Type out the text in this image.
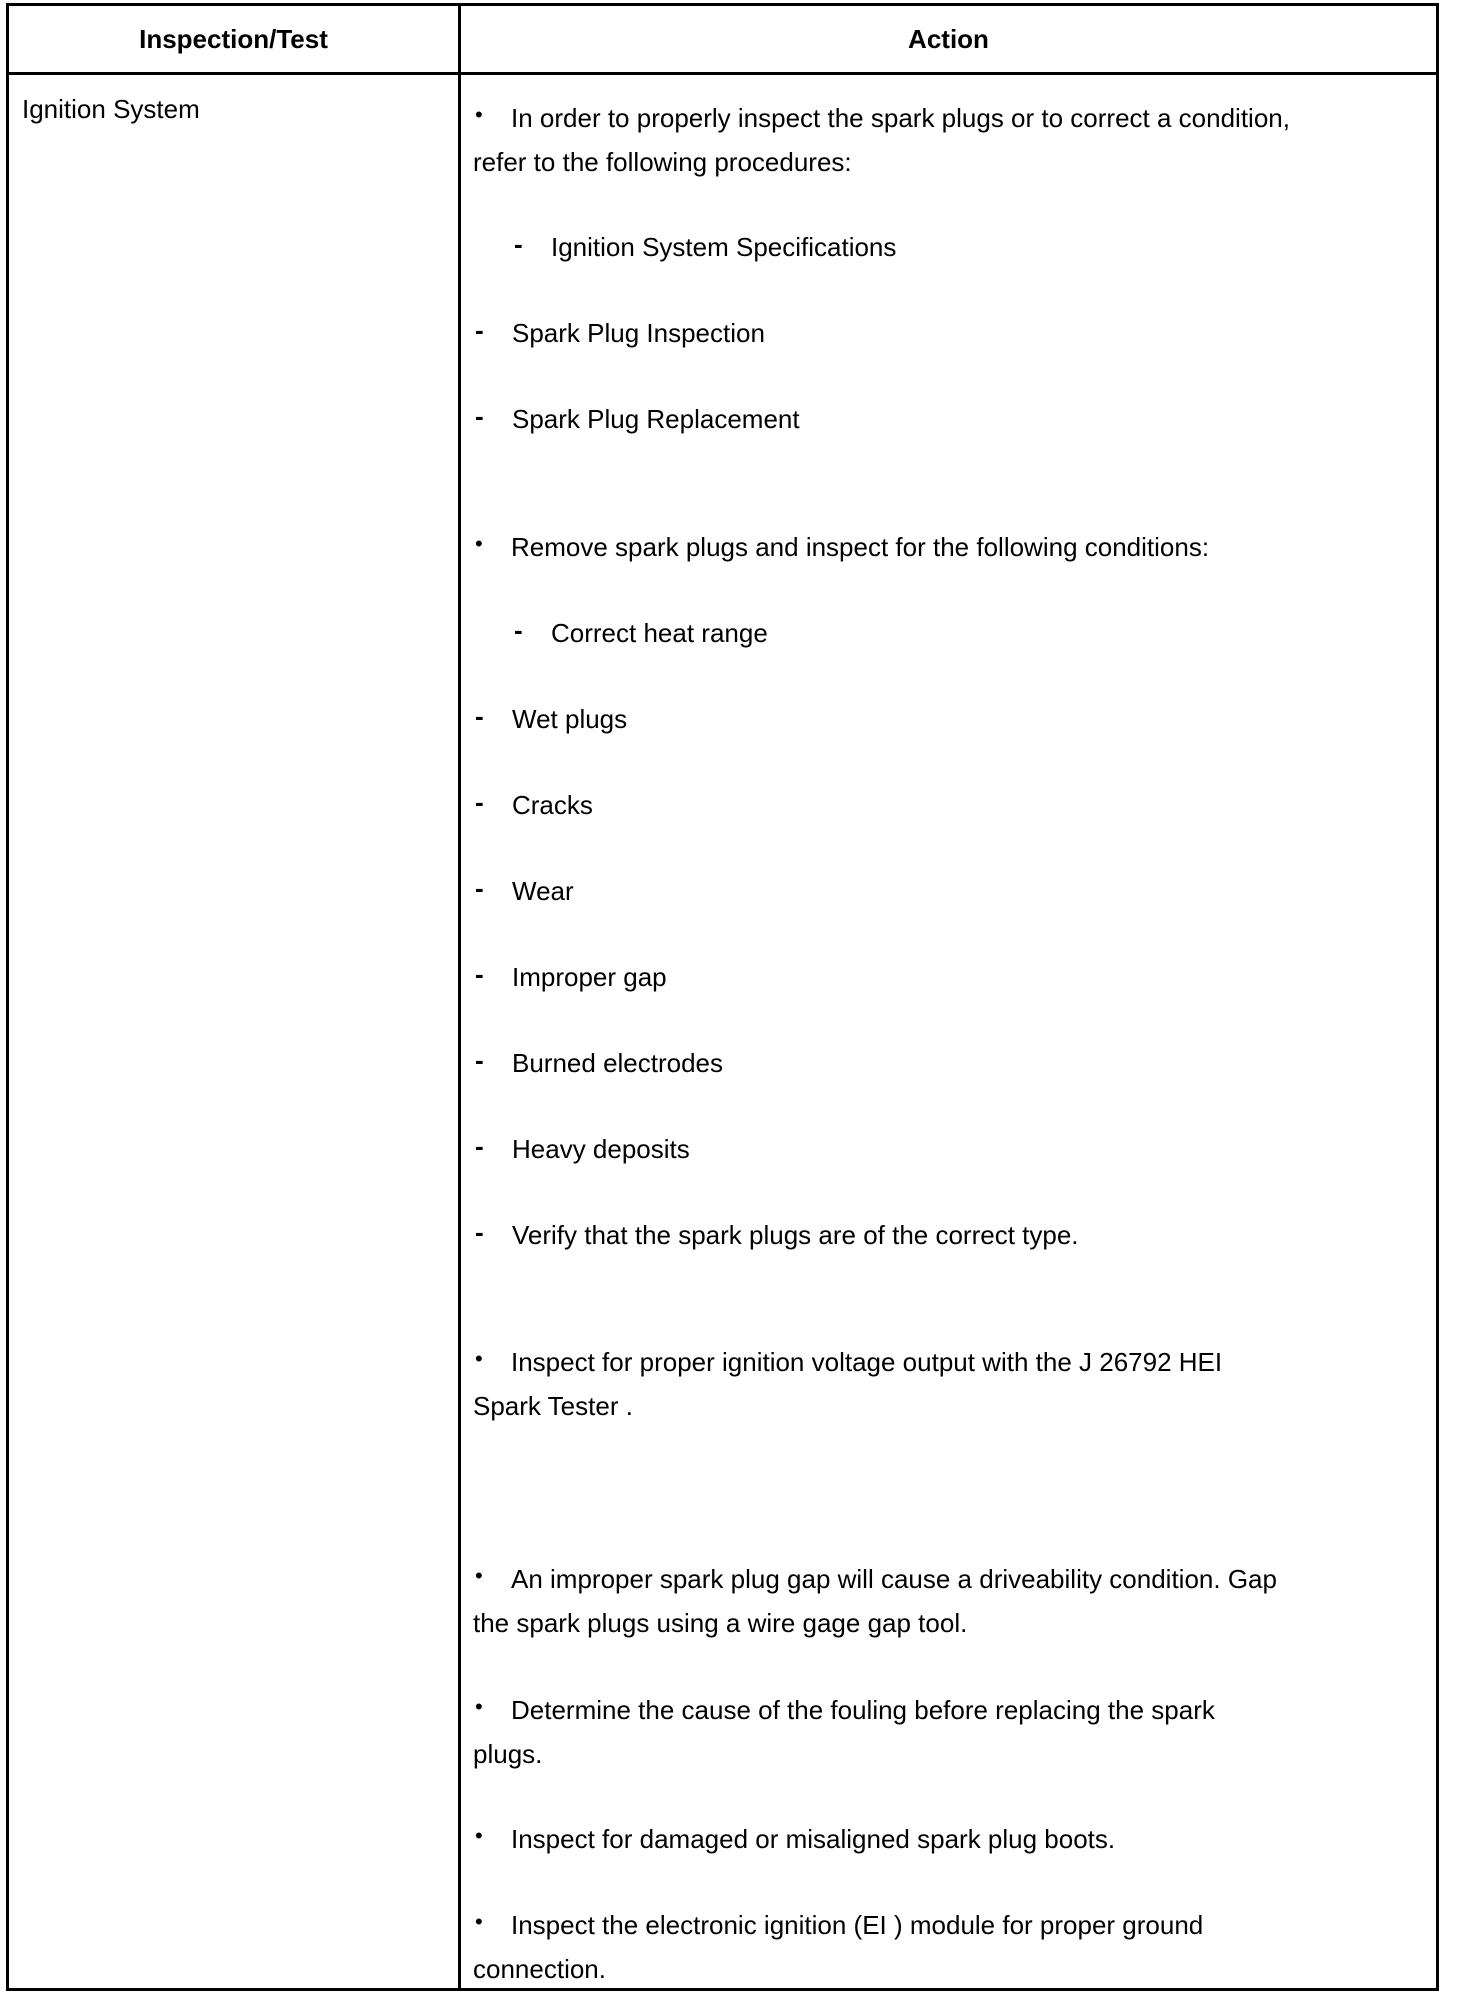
Inspection/Test	Action
Ignition System	• In order to properly inspect the spark plugs or to correct a condition,
refer to the following procedures:
- Ignition System Specifications
- Spark Plug Inspection
- Spark Plug Replacement
• Remove spark plugs and inspect for the following conditions:
- Correct heat range
- Wet plugs
- Cracks
- Wear
- Improper gap
- Burned electrodes
- Heavy deposits
- Verify that the spark plugs are of the correct type.
• Inspect for proper ignition voltage output with the J 26792 HEI
Spark Tester .
• An improper spark plug gap will cause a driveability condition. Gap
the spark plugs using a wire gage gap tool.
• Determine the cause of the fouling before replacing the spark
plugs.
• Inspect for damaged or misaligned spark plug boots.
• Inspect the electronic ignition (EI ) module for proper ground
connection.
